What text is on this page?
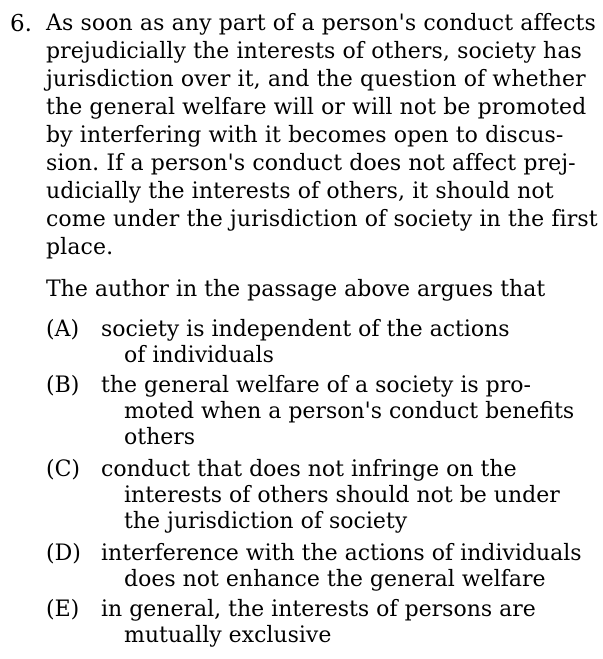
6. As soon as any part of a person's conduct affects
prejudicially the interests of others, society has
jurisdiction over it, and the question of whether
the general welfare will or will not be promoted
by interfering with it becomes open to discus-
sion. If a person's conduct does not affect prej-
udicially the interests of others, it should not
come under the jurisdiction of society in the first
place.
The author in the passage above argues that
(A) society is independent of the actions
of individuals
(B) the general welfare of a society is pro-
moted when a person's conduct benefits
others
(C) conduct that does not infringe on the
interests of others should not be under
the jurisdiction of society
(D) interference with the actions of individuals
does not enhance the general welfare
(E) in general, the interests of persons are
mutually exclusive
